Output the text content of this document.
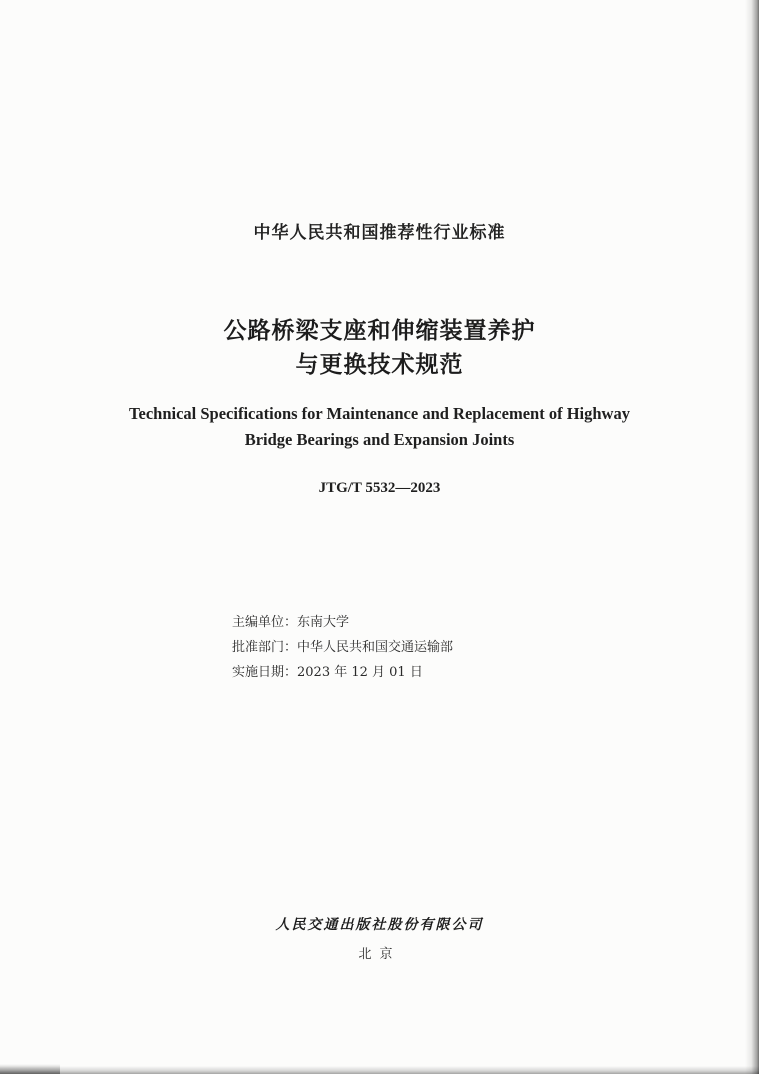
中华人民共和国推荐性行业标准
公路桥梁支座和伸缩装置养护
与更换技术规范
Technical Specifications for Maintenance and Replacement of Highway
Bridge Bearings and Expansion Joints
JTG/T 5532—2023
主编单位：东南大学
批准部门：中华人民共和国交通运输部
实施日期：2023 年 12 月 01 日
人民交通出版社股份有限公司
北京
